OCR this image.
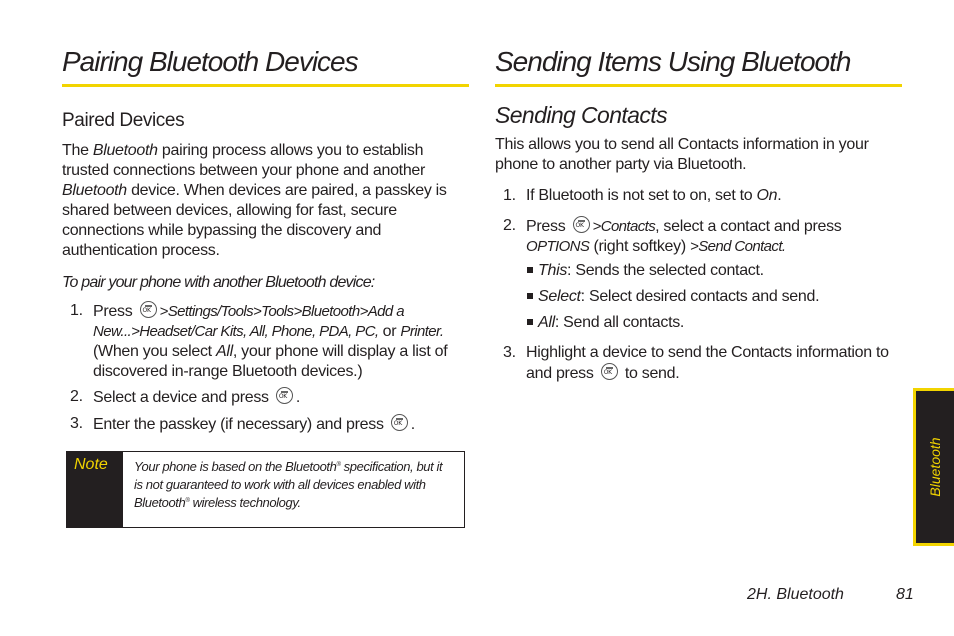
Pairing Bluetooth Devices
Paired Devices
The Bluetooth pairing process allows you to establish trusted connections between your phone and another Bluetooth device. When devices are paired, a passkey is shared between devices, allowing for fast, secure connections while bypassing the discovery and authentication process.
To pair your phone with another Bluetooth device:
1. Press OK>Settings/Tools>Tools>Bluetooth>Add a New...>Headset/Car Kits, All, Phone, PDA, PC, or Printer. (When you select All, your phone will display a list of discovered in-range Bluetooth devices.)
2. Select a device and press OK.
3. Enter the passkey (if necessary) and press OK.
Note	Your phone is based on the Bluetooth® specification, but it is not guaranteed to work with all devices enabled with Bluetooth® wireless technology.
Sending Items Using Bluetooth
Sending Contacts
This allows you to send all Contacts information in your phone to another party via Bluetooth.
1. If Bluetooth is not set to on, set to On.
2. Press OK>Contacts, select a contact and press OPTIONS (right softkey) >Send Contact.
This: Sends the selected contact.
Select: Select desired contacts and send.
All: Send all contacts.
3. Highlight a device to send the Contacts information to and press OK to send.
Bluetooth
2H. Bluetooth	81
